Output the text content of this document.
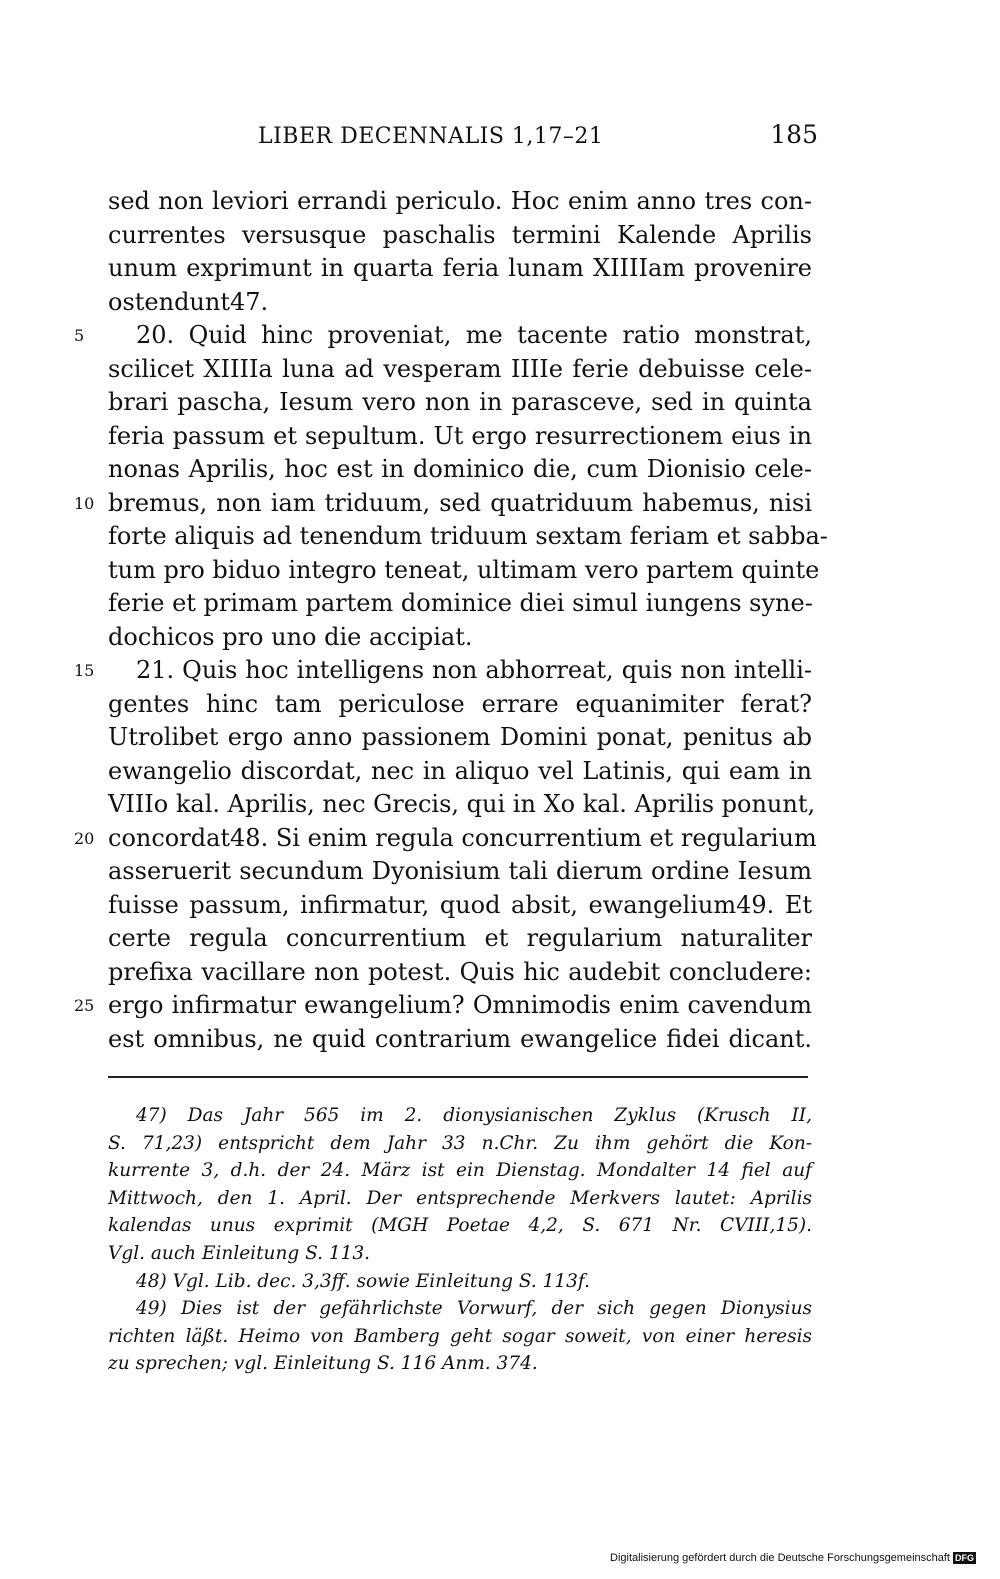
LIBER DECENNALIS 1,17–21	185
sed non leviori errandi periculo. Hoc enim anno tres con-
currentes versusque paschalis termini Kalende Aprilis
unum exprimunt in quarta feria lunam XIIIIam provenire
ostendunt47.
5	20. Quid hinc proveniat, me tacente ratio monstrat,
scilicet XIIIIa luna ad vesperam IIIIe ferie debuisse cele-
brari pascha, Iesum vero non in parasceve, sed in quinta
feria passum et sepultum. Ut ergo resurrectionem eius in
nonas Aprilis, hoc est in dominico die, cum Dionisio cele-
10 bremus, non iam triduum, sed quatriduum habemus, nisi
forte aliquis ad tenendum triduum sextam feriam et sabba-
tum pro biduo integro teneat, ultimam vero partem quinte
ferie et primam partem dominice diei simul iungens syne-
dochicos pro uno die accipiat.
15 21. Quis hoc intelligens non abhorreat, quis non intelli-
gentes hinc tam periculose errare equanimiter ferat?
Utrolibet ergo anno passionem Domini ponat, penitus ab
ewangelio discordat, nec in aliquo vel Latinis, qui eam in
VIIIo kal. Aprilis, nec Grecis, qui in Xo kal. Aprilis ponunt,
20 concordat48. Si enim regula concurrentium et regularium
asseruerit secundum Dyonisium tali dierum ordine Iesum
fuisse passum, infirmatur, quod absit, ewangelium49. Et
certe regula concurrentium et regularium naturaliter
prefixa vacillare non potest. Quis hic audebit concludere:
25 ergo infirmatur ewangelium? Omnimodis enim cavendum
est omnibus, ne quid contrarium ewangelice fidei dicant.
47) Das Jahr 565 im 2. dionysianischen Zyklus (Krusch II,
S. 71,23) entspricht dem Jahr 33 n.Chr. Zu ihm gehört die Kon-
kurrente 3, d.h. der 24. März ist ein Dienstag. Mondalter 14 fiel auf
Mittwoch, den 1. April. Der entsprechende Merkvers lautet: Aprilis
kalendas unus exprimit (MGH Poetae 4,2, S. 671 Nr. CVIII,15).
Vgl. auch Einleitung S. 113.
48) Vgl. Lib. dec. 3,3ff. sowie Einleitung S. 113f.
49) Dies ist der gefährlichste Vorwurf, der sich gegen Dionysius
richten läßt. Heimo von Bamberg geht sogar soweit, von einer heresis
zu sprechen; vgl. Einleitung S. 116 Anm. 374.
Digitalisierung gefördert durch die Deutsche Forschungsgemeinschaft DFG
